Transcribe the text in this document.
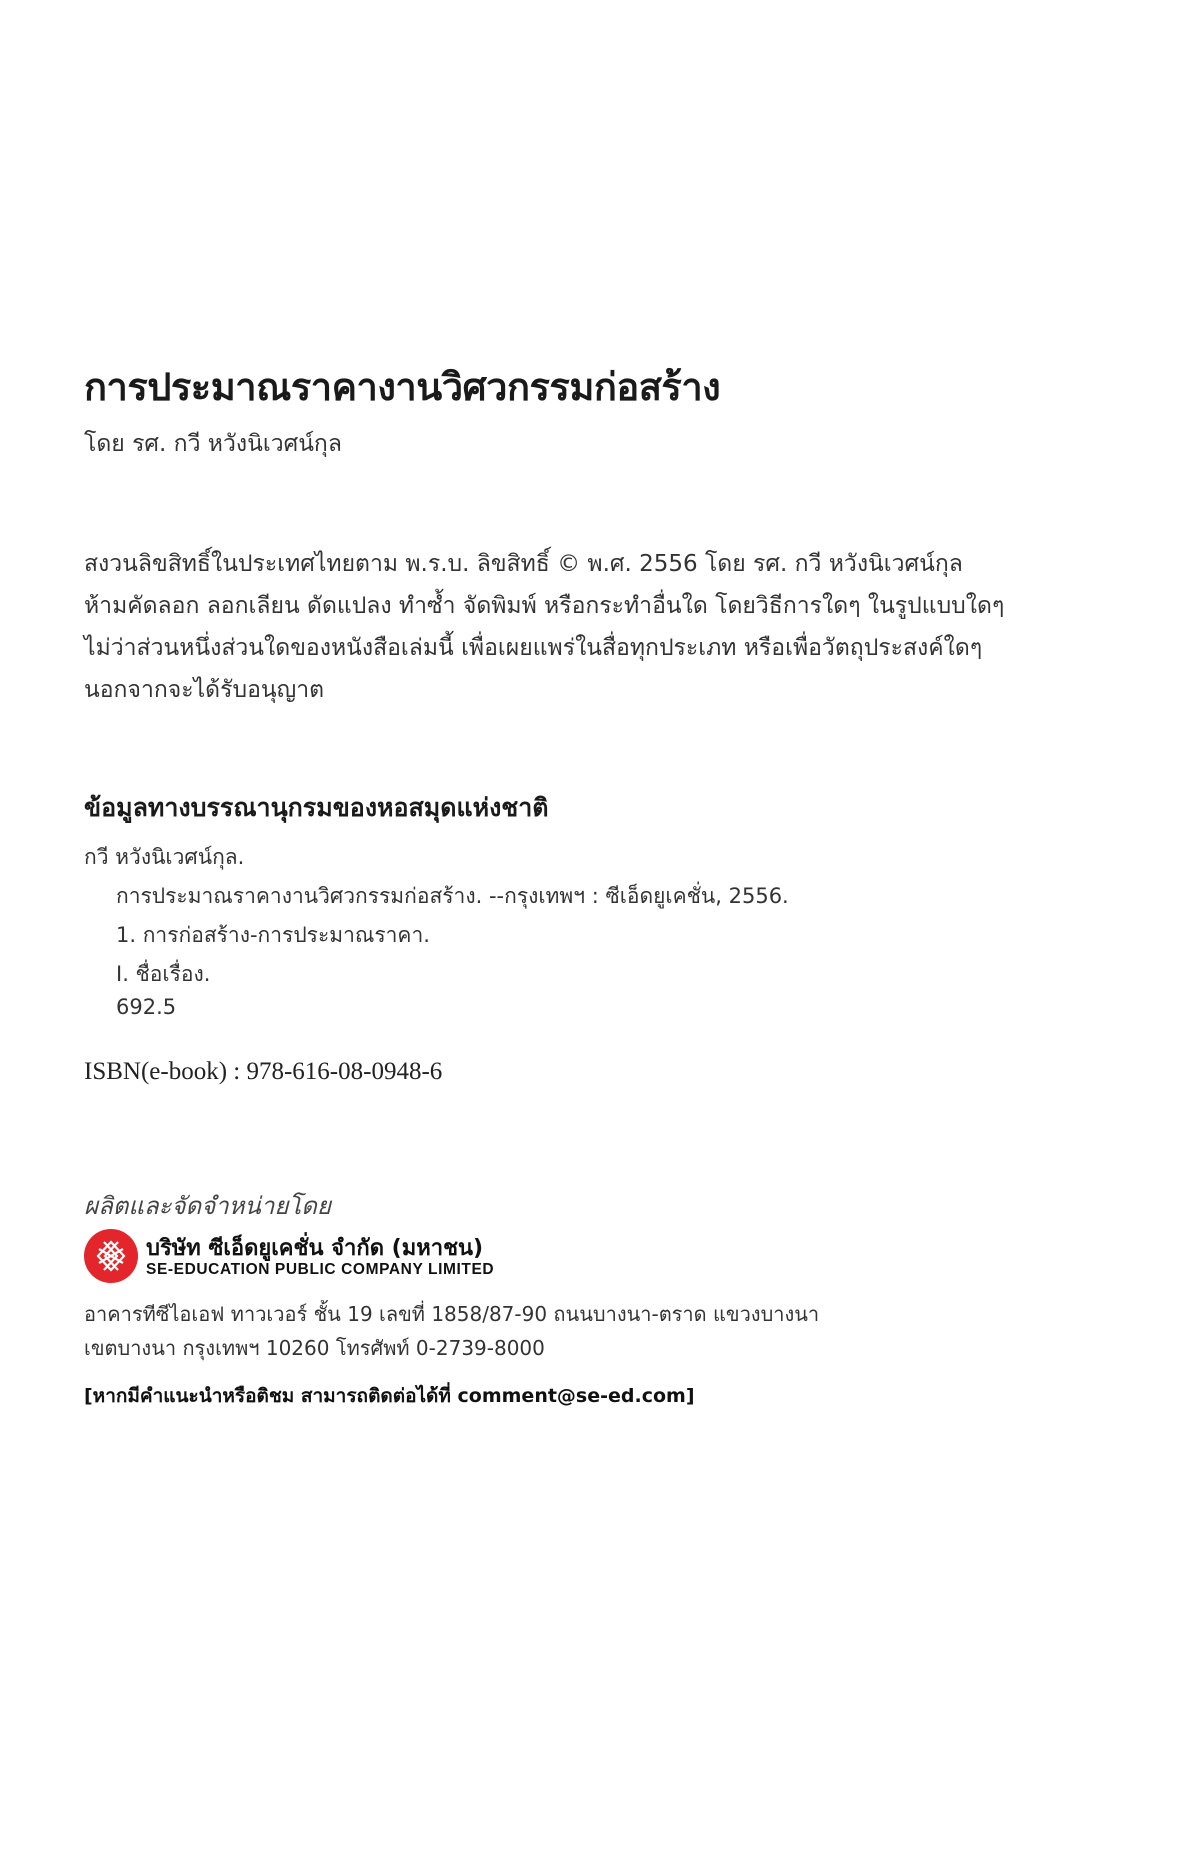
การประมาณราคางานวิศวกรรมก่อสร้าง
โดย รศ. กวี หวังนิเวศน์กุล
สงวนลิขสิทธิ์ในประเทศไทยตาม พ.ร.บ. ลิขสิทธิ์ © พ.ศ. 2556 โดย รศ. กวี หวังนิเวศน์กุล
ห้ามคัดลอก ลอกเลียน ดัดแปลง ทำซ้ำ จัดพิมพ์ หรือกระทำอื่นใด โดยวิธีการใดๆ ในรูปแบบใดๆ
ไม่ว่าส่วนหนึ่งส่วนใดของหนังสือเล่มนี้ เพื่อเผยแพร่ในสื่อทุกประเภท หรือเพื่อวัตถุประสงค์ใดๆ
นอกจากจะได้รับอนุญาต
ข้อมูลทางบรรณานุกรมของหอสมุดแห่งชาติ
กวี หวังนิเวศน์กุล.
การประมาณราคางานวิศวกรรมก่อสร้าง. --กรุงเทพฯ : ซีเอ็ดยูเคชั่น, 2556.
1. การก่อสร้าง-การประมาณราคา.
I. ชื่อเรื่อง.
692.5
ISBN(e-book) : 978-616-08-0948-6
ผลิตและจัดจำหน่ายโดย
บริษัท ซีเอ็ดยูเคชั่น จำกัด (มหาชน)
SE-EDUCATION PUBLIC COMPANY LIMITED
อาคารทีซีไอเอฟ ทาวเวอร์ ชั้น 19 เลขที่ 1858/87-90 ถนนบางนา-ตราด แขวงบางนา
เขตบางนา กรุงเทพฯ 10260 โทรศัพท์ 0-2739-8000
[หากมีคำแนะนำหรือติชม สามารถติดต่อได้ที่ comment@se-ed.com]
